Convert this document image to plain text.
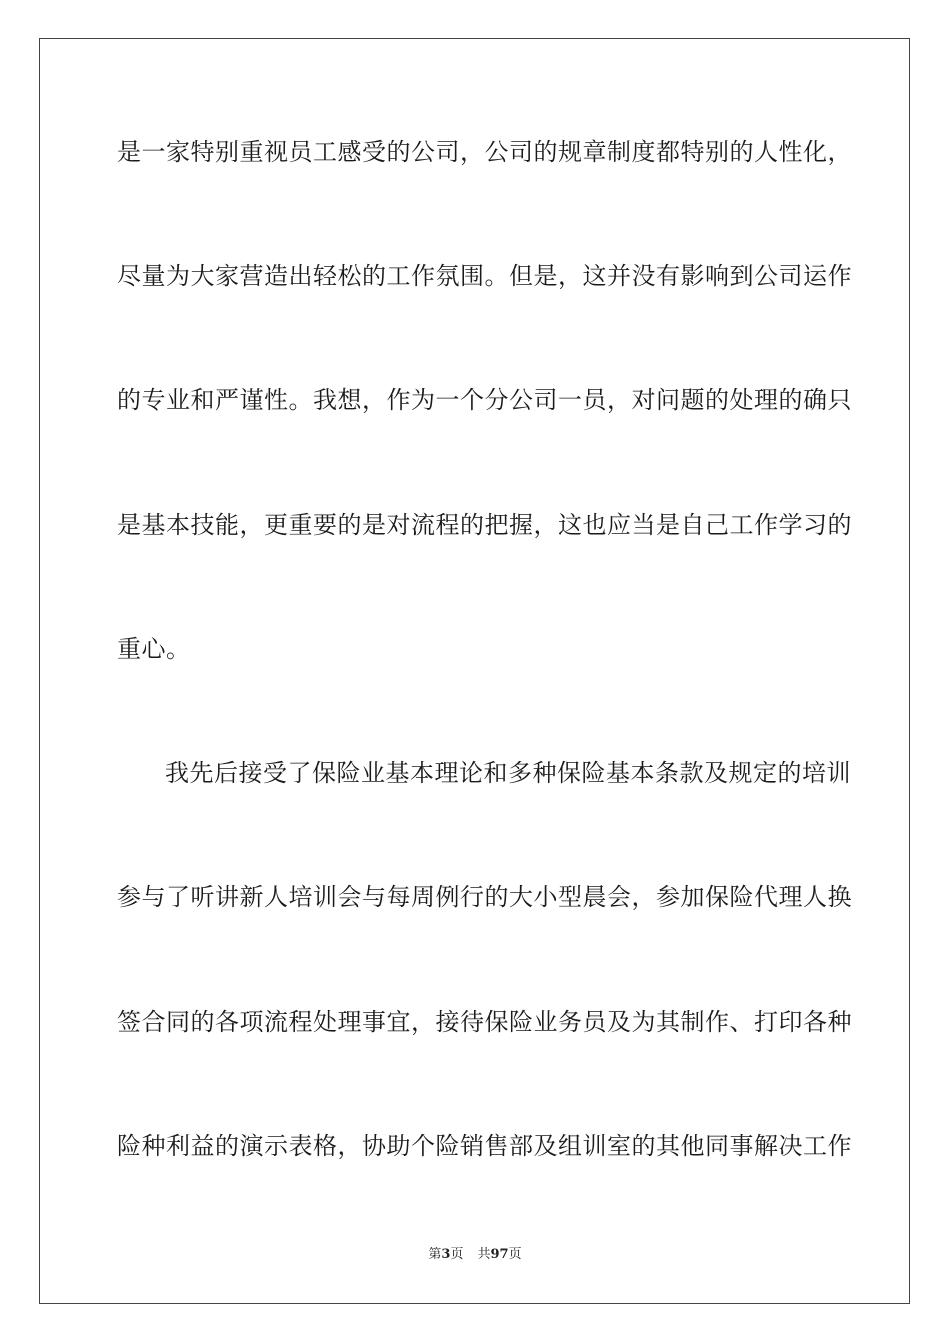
是一家特别重视员工感受的公司，公司的规章制度都特别的人性化，
尽量为大家营造出轻松的工作氛围。但是，这并没有影响到公司运作
的专业和严谨性。我想，作为一个分公司一员，对问题的处理的确只
是基本技能，更重要的是对流程的把握，这也应当是自己工作学习的
重心。
我先后接受了保险业基本理论和多种保险基本条款及规定的培训
参与了听讲新人培训会与每周例行的大小型晨会，参加保险代理人换
签合同的各项流程处理事宜，接待保险业务员及为其制作、打印各种
险种利益的演示表格，协助个险销售部及组训室的其他同事解决工作
第3页 共97页
